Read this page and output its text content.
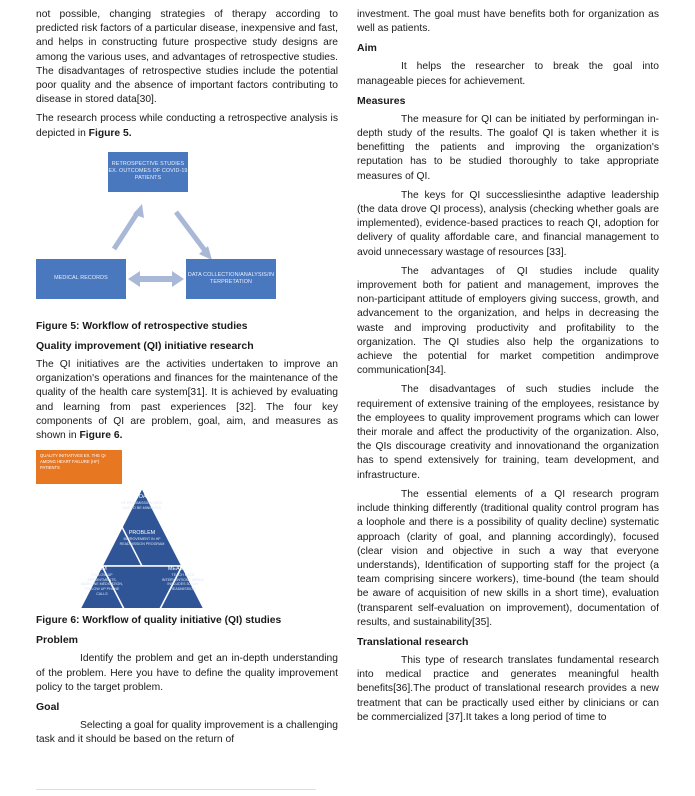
not possible, changing strategies of therapy according to predicted risk factors of a particular disease, inexpensive and fast, and helps in constructing future prospective study designs are among the various uses, and advantages of retrospective studies. The disadvantages of retrospective studies include the potential poor quality and the absence of important factors contributing to disease in stored data[30].

The research process while conducting a retrospective analysis is depicted in Figure 5.

RETROSPECTIVE STUDIES EX. OUTCOMES OF COVID-19 PATIENTS
MEDICAL RECORDS
DATA COLLECTION/ANALYSIS/IN TERPRETATION
Figure 5: Workflow of retrospective studies
Quality improvement (QI) initiative research

The QI initiatives are the activities undertaken to improve an organization's operations and finances for the maintenance of the quality of the health care system[31]. It is achieved by evaluating and learning from past experiences [32]. The four key components of QI are problem, goal, aim, and measures as shown in Figure 6.

QUALITY INITIATIVES EX. THE QI AMONG HEART FAILURE (HF) PATIENTS
GOAL
HF READMISSION RATE HAS TO BE MINIMIZED
PROBLEM
IMPROVEMENT IN HF READMISSION PROGRAM
AIM
FOLLOW UP APPOINTMENTS, BASELINE MEDICATION, FOLLOW UP PHONE CALLS
MEASURES
TEACH BACK INTERVENTIONS WHICH INCLUDES 30 DAY READMISSION
Figure 6: Workflow of quality initiative (QI) studies
Problem

Identify the problem and get an in-depth understanding of the problem. Here you have to define the quality improvement policy to the target problem.

Goal

Selecting a goal for quality improvement is a challenging task and it should be based on the return of

investment. The goal must have benefits both for organization as well as patients.

Aim

It helps the researcher to break the goal into manageable pieces for achievement.

Measures

The measure for QI can be initiated by performingan in-depth study of the results. The goalof QI is taken whether it is benefitting the patients and improving the organization's reputation has to be studied thoroughly to take appropriate measures of QI.

The keys for QI successliesinthe adaptive leadership (the data drove QI process), analysis (checking whether goals are implemented), evidence-based practices to reach QI, adoption for delivery of quality affordable care, and financial management to avoid unnecessary wastage of resources [33].

The advantages of QI studies include quality improvement both for patient and management, improves the non-participant attitude of employers giving success, growth, and advancement to the organization, and helps in decreasing the waste and improving productivity and profitability to the organization. The QI studies also help the organizations to achieve the potential for market competition andimprove communication[34].

The disadvantages of such studies include the requirement of extensive training of the employees, resistance by the employees to quality improvement programs which can lower their morale and affect the productivity of the organization. Also, the QIs discourage creativity and innovationand the organization has to spend extensively for training, team development, and infrastructure.

The essential elements of a QI research program include thinking differently (traditional quality control program has a loophole and there is a possibility of quality decline) systematic approach (clarity of goal, and planning accordingly), focused (clear vision and objective in such a way that everyone understands), Identification of supporting staff for the project (a team comprising sincere workers), time-bound (the team should be aware of acquisition of new skills in a short time), evaluation (transparent self-evaluation on improvement), documentation of results, and sustainability[35].

Translational research

This type of research translates fundamental research into medical practice and generates meaningful health benefits[36].The product of translational research provides a new treatment that can be practically used either by clinicians or can be commercialized [37].It takes a long period of time to
